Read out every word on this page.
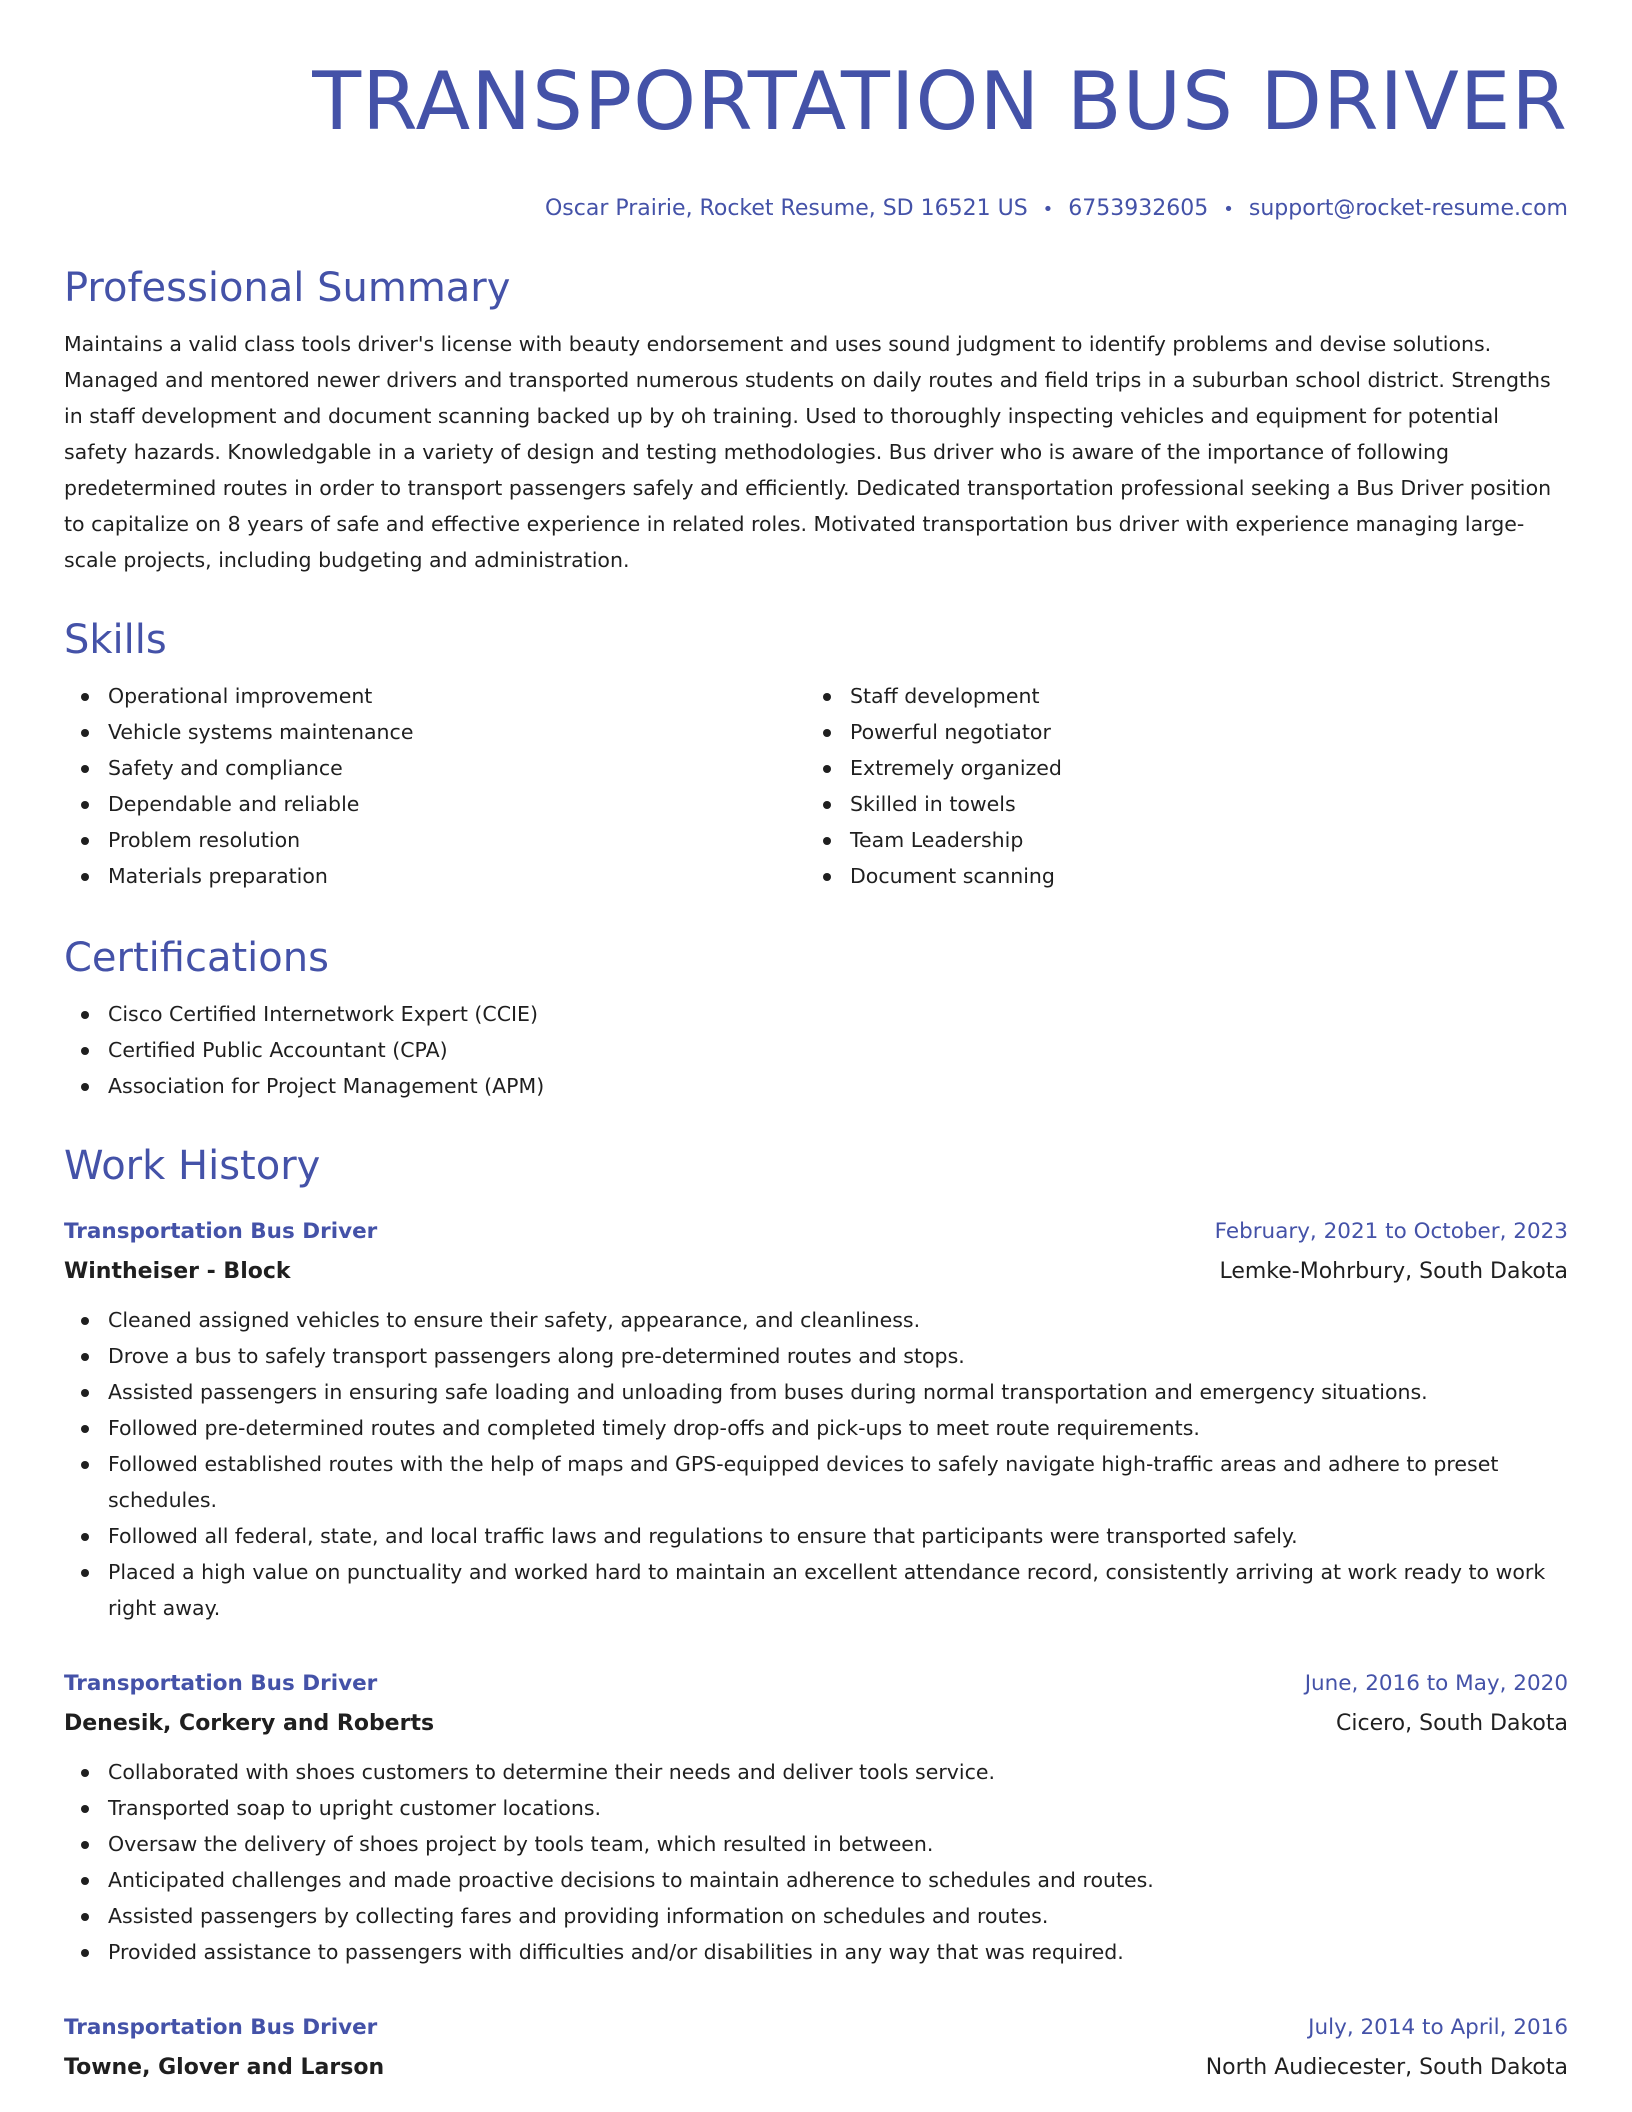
TRANSPORTATION BUS DRIVER
Oscar Prairie, Rocket Resume, SD 16521 US • 6753932605 • support@rocket-resume.com
Professional Summary

Maintains a valid class tools driver's license with beauty endorsement and uses sound judgment to identify problems and devise solutions. Managed and mentored newer drivers and transported numerous students on daily routes and field trips in a suburban school district. Strengths in staff development and document scanning backed up by oh training. Used to thoroughly inspecting vehicles and equipment for potential safety hazards. Knowledgable in a variety of design and testing methodologies. Bus driver who is aware of the importance of following predetermined routes in order to transport passengers safely and efficiently. Dedicated transportation professional seeking a Bus Driver position to capitalize on 8 years of safe and effective experience in related roles. Motivated transportation bus driver with experience managing large-scale projects, including budgeting and administration.

Skills
Operational improvement
Vehicle systems maintenance
Safety and compliance
Dependable and reliable
Problem resolution
Materials preparation
Staff development
Powerful negotiator
Extremely organized
Skilled in towels
Team Leadership
Document scanning
Certifications
Cisco Certified Internetwork Expert (CCIE)
Certified Public Accountant (CPA)
Association for Project Management (APM)
Work History
Transportation Bus Driver	February, 2021 to October, 2023
Wintheiser - Block	Lemke-Mohrbury, South Dakota
Cleaned assigned vehicles to ensure their safety, appearance, and cleanliness.
Drove a bus to safely transport passengers along pre-determined routes and stops.
Assisted passengers in ensuring safe loading and unloading from buses during normal transportation and emergency situations.
Followed pre-determined routes and completed timely drop-offs and pick-ups to meet route requirements.
Followed established routes with the help of maps and GPS-equipped devices to safely navigate high-traffic areas and adhere to preset schedules.
Followed all federal, state, and local traffic laws and regulations to ensure that participants were transported safely.
Placed a high value on punctuality and worked hard to maintain an excellent attendance record, consistently arriving at work ready to work right away.
Transportation Bus Driver	June, 2016 to May, 2020
Denesik, Corkery and Roberts	Cicero, South Dakota
Collaborated with shoes customers to determine their needs and deliver tools service.
Transported soap to upright customer locations.
Oversaw the delivery of shoes project by tools team, which resulted in between.
Anticipated challenges and made proactive decisions to maintain adherence to schedules and routes.
Assisted passengers by collecting fares and providing information on schedules and routes.
Provided assistance to passengers with difficulties and/or disabilities in any way that was required.
Transportation Bus Driver	July, 2014 to April, 2016
Towne, Glover and Larson	North Audiecester, South Dakota
